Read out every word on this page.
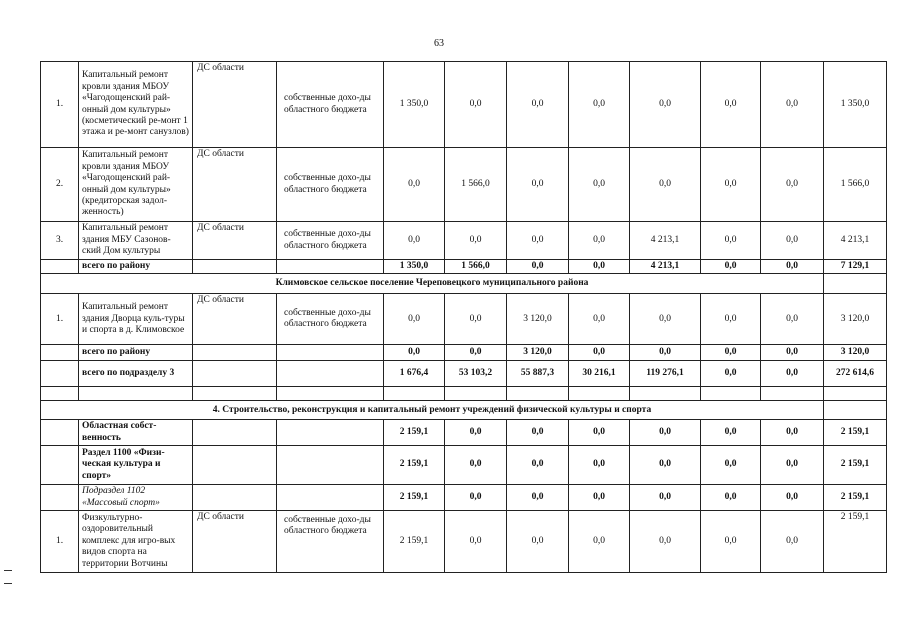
63
1.	Капитальный ремонт кровли здания МБОУ «Чагодощенский рай-онный дом культуры» (косметический ре-монт 1 этажа и ре-монт санузлов)	ДС области	собственные дохо-ды областного бюджета	1 350,0	0,0	0,0	0,0	0,0	0,0	0,0	1 350,0
2.	Капитальный ремонт кровли здания МБОУ «Чагодощенский рай-онный дом культуры» (кредиторская задол-женность)	ДС области	собственные дохо-ды областного бюджета	0,0	1 566,0	0,0	0,0	0,0	0,0	0,0	1 566,0
3.	Капитальный ремонт здания МБУ Сазонов-ский Дом культуры	ДС области	собственные дохо-ды областного бюджета	0,0	0,0	0,0	0,0	4 213,1	0,0	0,0	4 213,1
	всего по району			1 350,0	1 566,0	0,0	0,0	4 213,1	0,0	0,0	7 129,1
Климовское сельское поселение Череповецкого муниципального района											
1.	Капитальный ремонт здания Дворца куль-туры и спорта в д. Климовское	ДС области	собственные дохо-ды областного бюджета	0,0	0,0	3 120,0	0,0	0,0	0,0	0,0	3 120,0
	всего по району			0,0	0,0	3 120,0	0,0	0,0	0,0	0,0	3 120,0
	всего по подразделу 3			1 676,4	53 103,2	55 887,3	30 216,1	119 276,1	0,0	0,0	272 614,6

4. Строительство, реконструкция и капитальный ремонт учреждений физической культуры и спорта											
	Областная собст-венность			2 159,1	0,0	0,0	0,0	0,0	0,0	0,0	2 159,1
	Раздел 1100 «Физи-ческая культура и спорт»			2 159,1	0,0	0,0	0,0	0,0	0,0	0,0	2 159,1
	Подраздел 1102 «Массовый спорт»			2 159,1	0,0	0,0	0,0	0,0	0,0	0,0	2 159,1
1.	Физкультурно-оздоровительный комплекс для игро-вых видов спорта на территории Вотчины	ДС области	собственные дохо-ды областного бюджета	2 159,1	0,0	0,0	0,0	0,0	0,0	0,0	2 159,1
